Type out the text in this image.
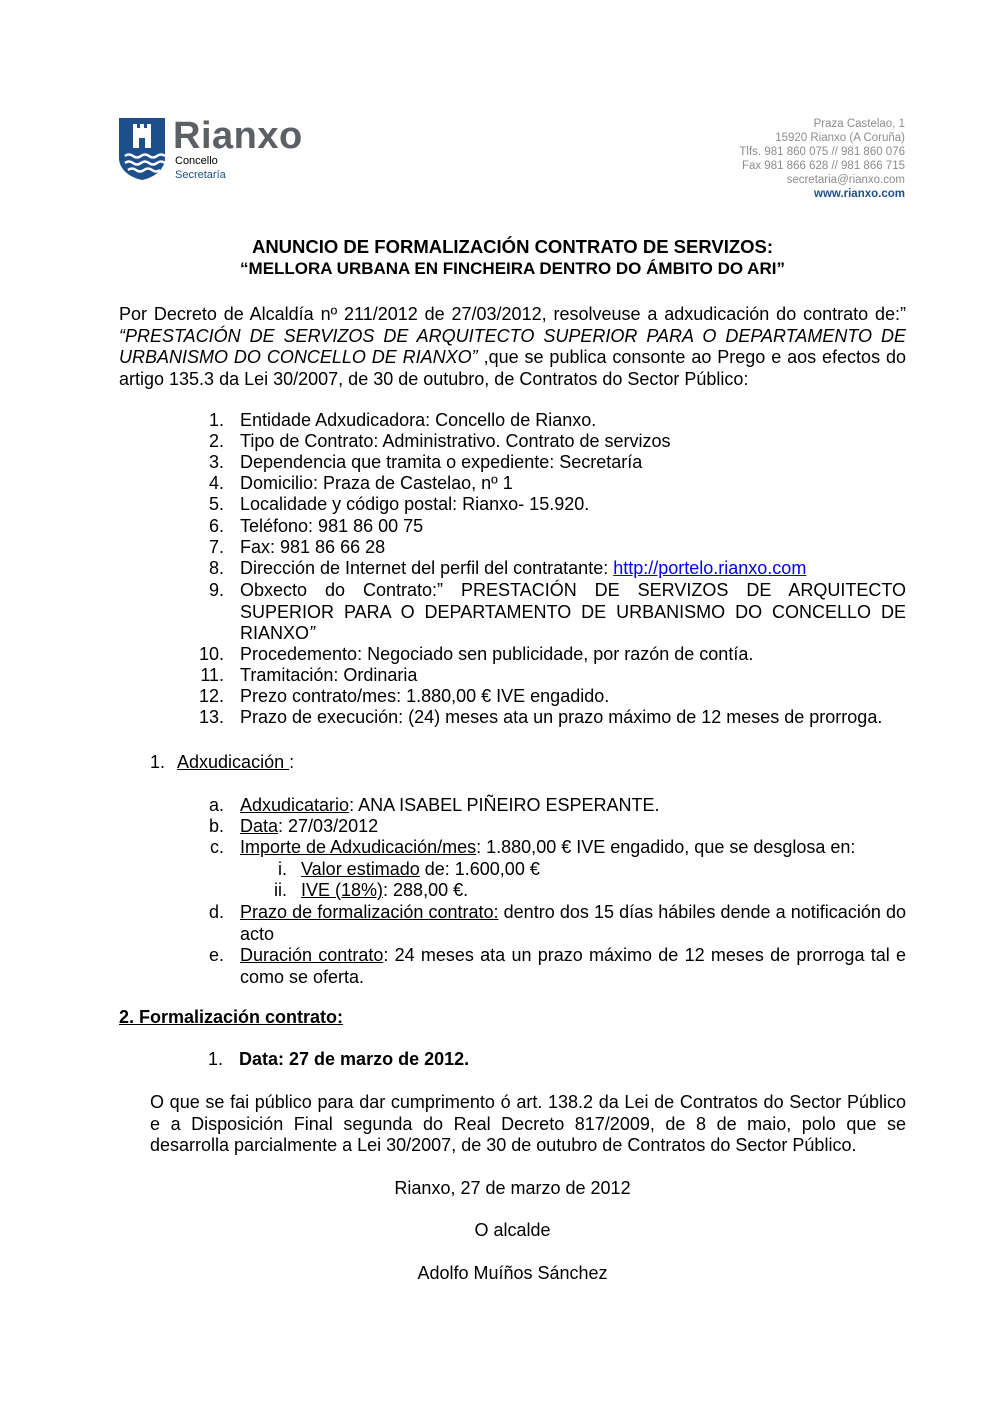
Rianxo
Concello
Secretaría
Praza Castelao, 1
15920 Rianxo (A Coruña)
Tlfs. 981 860 075 // 981 860 076
Fax 981 866 628 // 981 866 715
secretaria@rianxo.com
www.rianxo.com
ANUNCIO DE FORMALIZACIÓN CONTRATO DE SERVIZOS:
“MELLORA URBANA EN FINCHEIRA DENTRO DO ÁMBITO DO ARI”
Por Decreto de Alcaldía nº 211/2012 de 27/03/2012, resolveuse a adxudicación do contrato de:” “PRESTACIÓN DE SERVIZOS DE ARQUITECTO SUPERIOR PARA O DEPARTAMENTO DE URBANISMO DO CONCELLO DE RIANXO” ,que se publica consonte ao Prego e aos efectos do artigo 135.3 da Lei 30/2007, de 30 de outubro, de Contratos do Sector Público:
1. Entidade Adxudicadora: Concello de Rianxo.
2. Tipo de Contrato: Administrativo. Contrato de servizos
3. Dependencia que tramita o expediente: Secretaría
4. Domicilio: Praza de Castelao, nº 1
5. Localidade y código postal: Rianxo- 15.920.
6. Teléfono: 981 86 00 75
7. Fax: 981 86 66 28
8. Dirección de Internet del perfil del contratante: http://portelo.rianxo.com
9. Obxecto do Contrato:” PRESTACIÓN DE SERVIZOS DE ARQUITECTO SUPERIOR PARA O DEPARTAMENTO DE URBANISMO DO CONCELLO DE RIANXO”
10. Procedemento: Negociado sen publicidade, por razón de contía.
11. Tramitación: Ordinaria
12. Prezo contrato/mes: 1.880,00 € IVE engadido.
13. Prazo de execución: (24) meses ata un prazo máximo de 12 meses de prorroga.
1. Adxudicación :
a. Adxudicatario: ANA ISABEL PIÑEIRO ESPERANTE.
b. Data: 27/03/2012
c. Importe de Adxudicación/mes: 1.880,00 € IVE engadido, que se desglosa en:
i. Valor estimado de: 1.600,00 €
ii. IVE (18%): 288,00 €.
d. Prazo de formalización contrato: dentro dos 15 días hábiles dende a notificación do acto
e. Duración contrato: 24 meses ata un prazo máximo de 12 meses de prorroga tal e como se oferta.
2. Formalización contrato:
1. Data: 27 de marzo de 2012.
O que se fai público para dar cumprimento ó art. 138.2 da Lei de Contratos do Sector Público e a Disposición Final segunda do Real Decreto 817/2009, de 8 de maio, polo que se desarrolla parcialmente a Lei 30/2007, de 30 de outubro de Contratos do Sector Público.
Rianxo, 27 de marzo de 2012
O alcalde
Adolfo Muíños Sánchez
